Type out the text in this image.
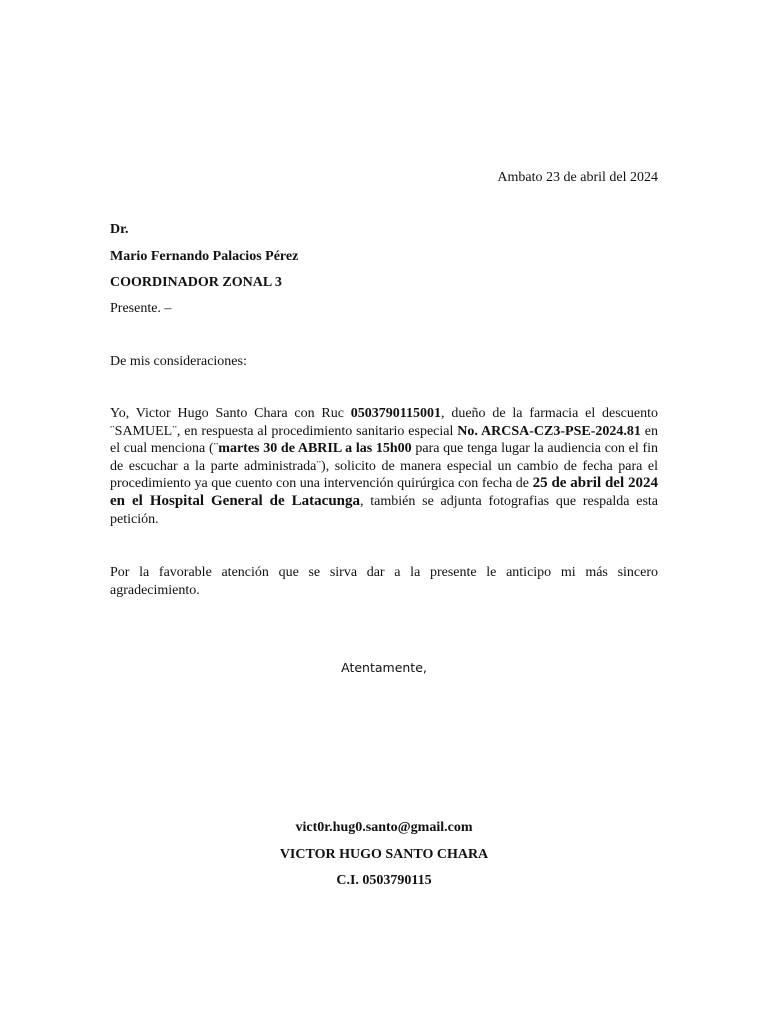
Ambato 23 de abril del 2024
Dr.
Mario Fernando Palacios Pérez
COORDINADOR ZONAL 3
Presente. –
De mis consideraciones:
Yo, Victor Hugo Santo Chara con Ruc 0503790115001, dueño de la farmacia el descuento ¨SAMUEL¨, en respuesta al procedimiento sanitario especial No. ARCSA-CZ3-PSE-2024.81 en el cual menciona (¨martes 30 de ABRIL a las 15h00 para que tenga lugar la audiencia con el fin de escuchar a la parte administrada¨), solicito de manera especial un cambio de fecha para el procedimiento ya que cuento con una intervención quirúrgica con fecha de 25 de abril del 2024 en el Hospital General de Latacunga, también se adjunta fotografias que respalda esta petición.
Por la favorable atención que se sirva dar a la presente le anticipo mi más sincero agradecimiento.
Atentamente,
vict0r.hug0.santo@gmail.com
VICTOR HUGO SANTO CHARA
C.I. 0503790115
